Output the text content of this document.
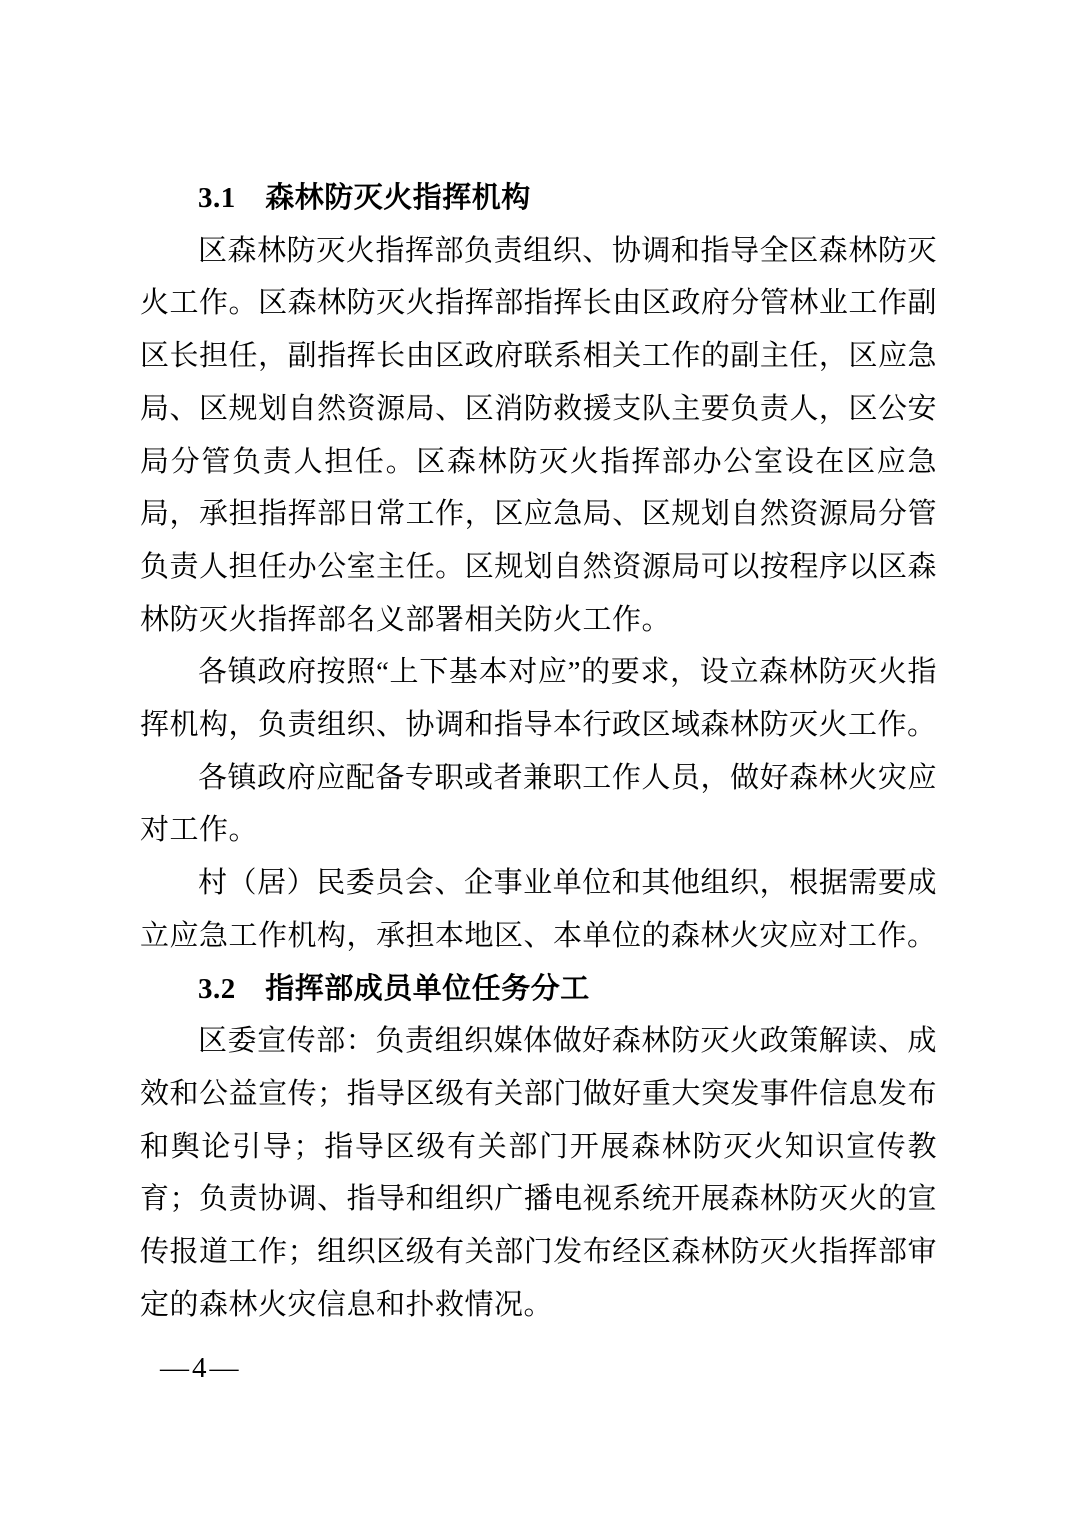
3.1　森林防灭火指挥机构

区森林防灭火指挥部负责组织、协调和指导全区森林防灭火工作。区森林防灭火指挥部指挥长由区政府分管林业工作副区长担任，副指挥长由区政府联系相关工作的副主任，区应急局、区规划自然资源局、区消防救援支队主要负责人，区公安局分管负责人担任。区森林防灭火指挥部办公室设在区应急局，承担指挥部日常工作，区应急局、区规划自然资源局分管负责人担任办公室主任。区规划自然资源局可以按程序以区森林防灭火指挥部名义部署相关防火工作。

各镇政府按照“上下基本对应”的要求，设立森林防灭火指挥机构，负责组织、协调和指导本行政区域森林防灭火工作。

各镇政府应配备专职或者兼职工作人员，做好森林火灾应对工作。

村（居）民委员会、企事业单位和其他组织，根据需要成立应急工作机构，承担本地区、本单位的森林火灾应对工作。

3.2　指挥部成员单位任务分工

区委宣传部：负责组织媒体做好森林防灭火政策解读、成效和公益宣传；指导区级有关部门做好重大突发事件信息发布和舆论引导；指导区级有关部门开展森林防灭火知识宣传教育；负责协调、指导和组织广播电视系统开展森林防灭火的宣传报道工作；组织区级有关部门发布经区森林防灭火指挥部审定的森林火灾信息和扑救情况。

—4—
